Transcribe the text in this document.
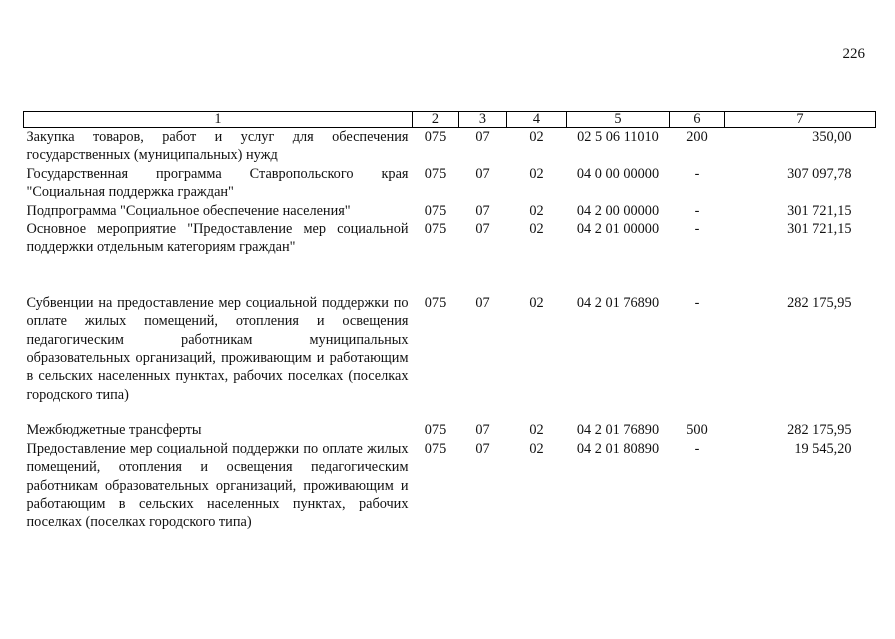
226
1	2	3	4	5	6	7
Закупка товаров, работ и услуг для обеспечения государственных (муниципальных) нужд	075	07	02	02 5 06 11010	200	350,00
Государственная программа Ставропольского края "Социальная поддержка граждан"	075	07	02	04 0 00 00000	-	307 097,78
Подпрограмма "Социальное обеспечение населения"	075	07	02	04 2 00 00000	-	301 721,15
Основное мероприятие "Предоставление мер социальной поддержки отдельным категориям граждан"	075	07	02	04 2 01 00000	-	301 721,15

Субвенции на предоставление мер социальной поддержки по оплате жилых помещений, отопления и освещения педагогическим работникам муниципальных образовательных организаций, проживающим и работающим в сельских населенных пунктах, рабочих поселках (поселках городского типа)	075	07	02	04 2 01 76890	-	282 175,95
Межбюджетные трансферты	075	07	02	04 2 01 76890	500	282 175,95
Предоставление мер социальной поддержки по оплате жилых помещений, отопления и освещения педагогическим работникам образовательных организаций, проживающим и работающим в сельских населенных пунктах, рабочих поселках (поселках городского типа)	075	07	02	04 2 01 80890	-	19 545,20
